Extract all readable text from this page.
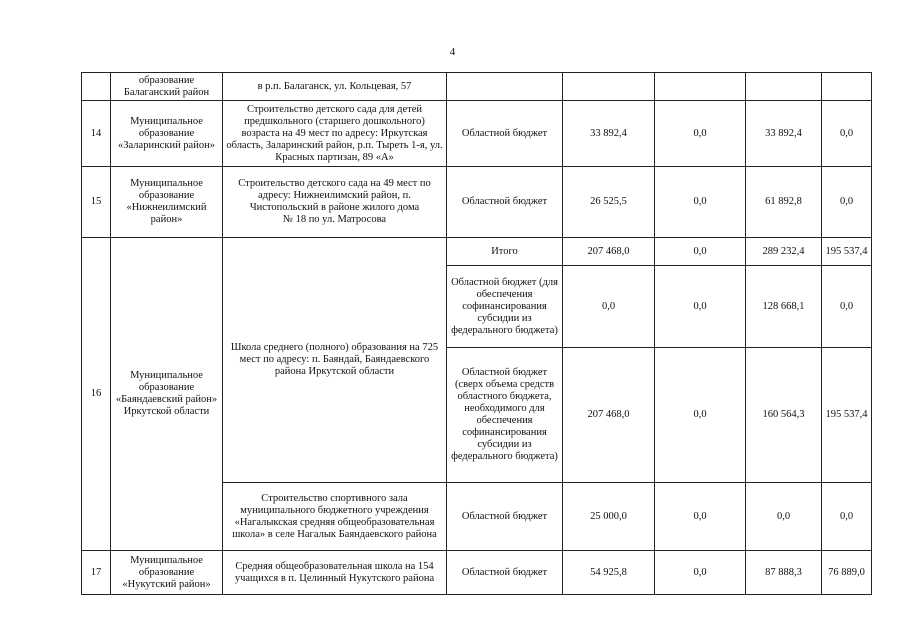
4
	образование Балаганский район	в р.п. Балаганск, ул. Кольцевая, 57					
14	Муниципальное образование «Заларинский район»	Строительство детского сада для детей предшкольного (старшего дошкольного) возраста на 49 мест по адресу: Иркутская область, Заларинский район, р.п. Тыреть 1-я, ул. Красных партизан, 89 «А»	Областной бюджет	33 892,4	0,0	33 892,4	0,0
15	Муниципальное образование «Нижнеилимский район»	Строительство детского сада на 49 мест по адресу: Нижнеилимский район, п. Чистопольский в районе жилого дома
№ 18 по ул. Матросова	Областной бюджет	26 525,5	0,0	61 892,8	0,0
16	Муниципальное образование «Баяндаевский район» Иркутской области	Школа среднего (полного) образования на 725 мест по адресу: п. Баяндай, Баяндаевского района Иркутской области	Итого	207 468,0	0,0	289 232,4	195 537,4
			Областной бюджет (для обеспечения софинансирования субсидии из федерального бюджета)	0,0	0,0	128 668,1	0,0
			Областной бюджет (сверх объема средств областного бюджета, необходимого для обеспечения софинансирования субсидии из федерального бюджета)	207 468,0	0,0	160 564,3	195 537,4
		Строительство спортивного зала муниципального бюджетного учреждения «Нагалыкская средняя общеобразовательная школа» в селе Нагалык Баяндаевского района	Областной бюджет	25 000,0	0,0	0,0	0,0
17	Муниципальное образование «Нукутский район»	Средняя общеобразовательная школа на 154 учащихся в п. Целинный Нукутского района	Областной бюджет	54 925,8	0,0	87 888,3	76 889,0
